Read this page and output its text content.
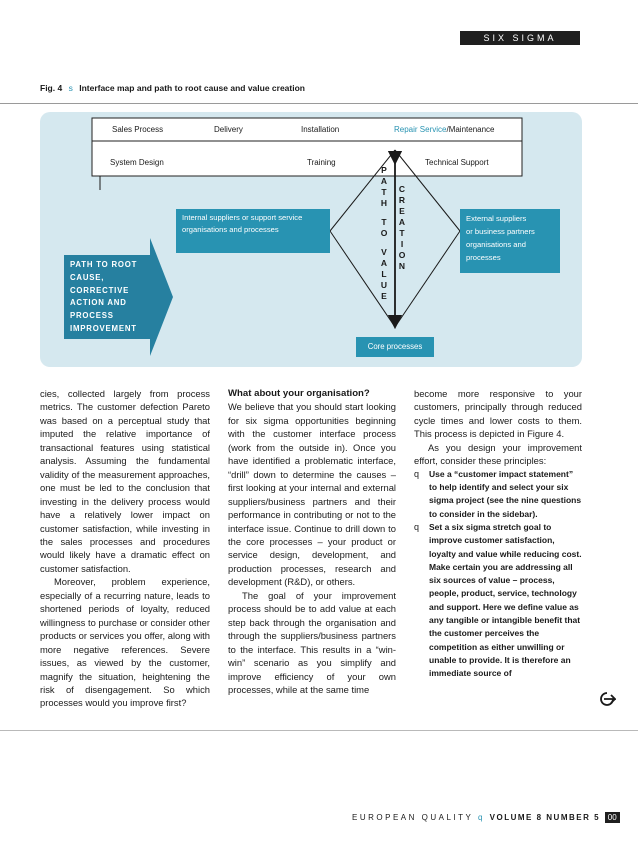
SIX SIGMA
Fig. 4 s Interface map and path to root cause and value creation
Sales Process	Delivery	Installation	Repair Service/Maintenance
System Design	Training	Technical Support
Internal suppliers or support service
organisations and processes
External suppliers
or business partners
organisations and
processes
Core processes
P
A
T
H
T
O
V
A
L
U
E
C
R
E
A
T
I
O
N
PATH TO ROOT
CAUSE,
CORRECTIVE
ACTION AND
PROCESS
IMPROVEMENT

cies, collected largely from process metrics. The customer defection Pareto was based on a perceptual study that imputed the relative importance of transactional features using statistical analysis. Assuming the fundamental validity of the measurement approaches, one must be led to the conclusion that investing in the delivery process would have a relatively lower impact on customer satisfaction, while investing in the sales processes and procedures would likely have a dramatic effect on customer satisfaction.

Moreover, problem experience, especially of a recurring nature, leads to shortened periods of loyalty, reduced willingness to purchase or consider other products or services you offer, along with more negative references. Severe issues, as viewed by the customer, magnify the situation, heightening the risk of disengagement. So which processes would you improve first?

What about your organisation?

We believe that you should start looking for six sigma opportunities beginning with the customer interface process (work from the outside in). Once you have identified a problematic interface, “drill” down to determine the causes – first looking at your internal and external suppliers/business partners and their performance in contributing or not to the interface issue. Continue to drill down to the core processes – your product or service design, development, and production processes, research and development (R&D), or others.

The goal of your improvement process should be to add value at each step back through the organisation and through the suppliers/business partners to the interface. This results in a “win-win” scenario as you simplify and improve efficiency of your own processes, while at the same time

become more responsive to your customers, principally through reduced cycle times and lower costs to them. This process is depicted in Figure 4.

As you design your improvement effort, consider these principles:

q Use a “customer impact statement” to help identify and select your six sigma project (see the nine questions to consider in the sidebar).
q Set a six sigma stretch goal to improve customer satisfaction, loyalty and value while reducing cost. Make certain you are addressing all six sources of value – process, people, product, service, technology and support. Here we define value as any tangible or intangible benefit that the customer perceives the competition as either unwilling or unable to provide. It is therefore an immediate source of
EUROPEAN QUALITY q VOLUME 8 NUMBER 5 00
